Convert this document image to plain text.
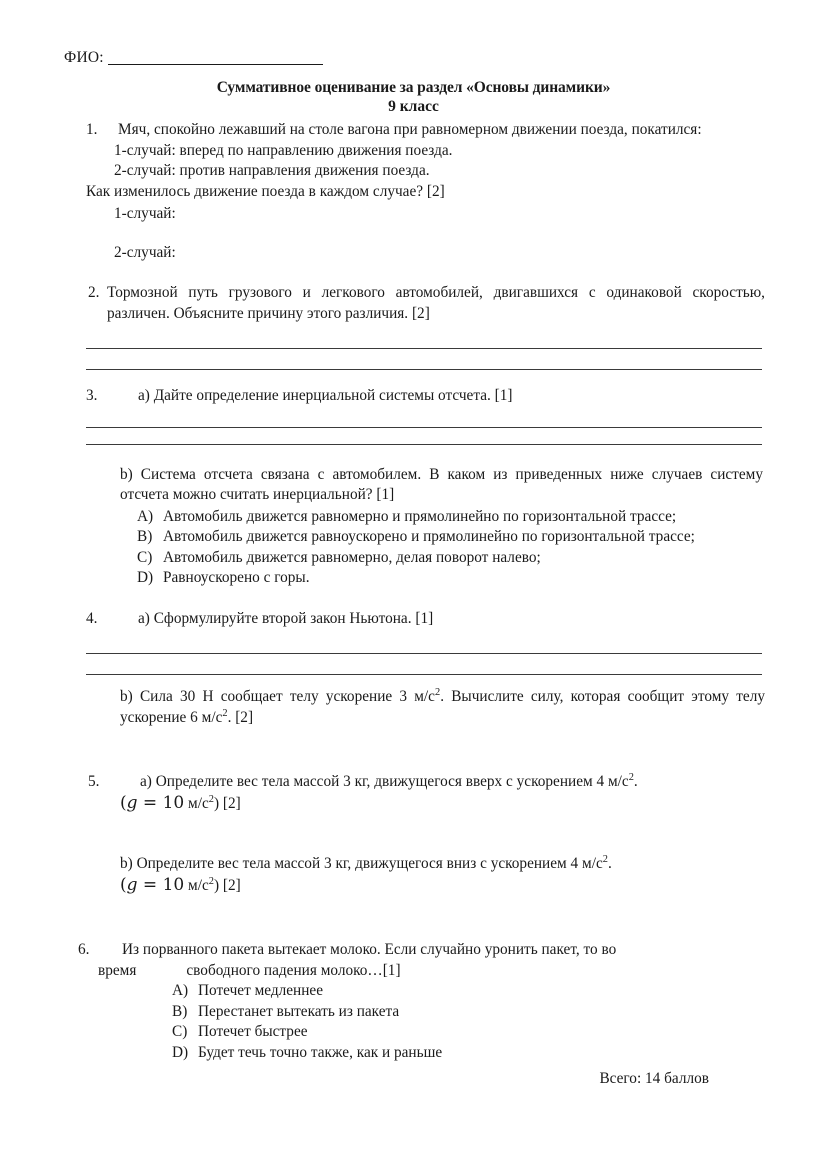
ФИО:
Суммативное оценивание за раздел «Основы динамики»
9 класс
1.	Мяч, спокойно лежавший на столе вагона при равномерном движении поезда, покатился:
1-случай: вперед по направлению движения поезда.
2-случай: против направления движения поезда.
Как изменилось движение поезда в каждом случае? [2]
1-случай:
2-случай:
2. Тормозной путь грузового и легкового автомобилей, двигавшихся с одинаковой скоростью, различен. Объясните причину этого различия. [2]
3.	a) Дайте определение инерциальной системы отсчета. [1]
b) Система отсчета связана с автомобилем. В каком из приведенных ниже случаев систему отсчета можно считать инерциальной? [1]
A) Автомобиль движется равномерно и прямолинейно по горизонтальной трассе;
B) Автомобиль движется равноускорено и прямолинейно по горизонтальной трассе;
C) Автомобиль движется равномерно, делая поворот налево;
D) Равноускорено с горы.
4.	a) Сформулируйте второй закон Ньютона. [1]
b) Сила 30 Н сообщает телу ускорение 3 $м/с^2$. Вычислите силу, которая сообщит этому телу ускорение 6 $м/с^2$. [2]
5.	a) Определите вес тела массой 3 кг, движущегося вверх с ускорением 4 $м/с^2$.
(g = 10 $м/с^2$) [2]
b) Определите вес тела массой 3 кг, движущегося вниз с ускорением 4 $м/с^2$.
(g = 10 $м/с^2$) [2]
6.	Из порванного пакета вытекает молоко. Если случайно уронить пакет, то во
время	свободного падения молоко…[1]
A) Потечет медленнее
B) Перестанет вытекать из пакета
C) Потечет быстрее
D) Будет течь точно также, как и раньше
Всего: 14 баллов
